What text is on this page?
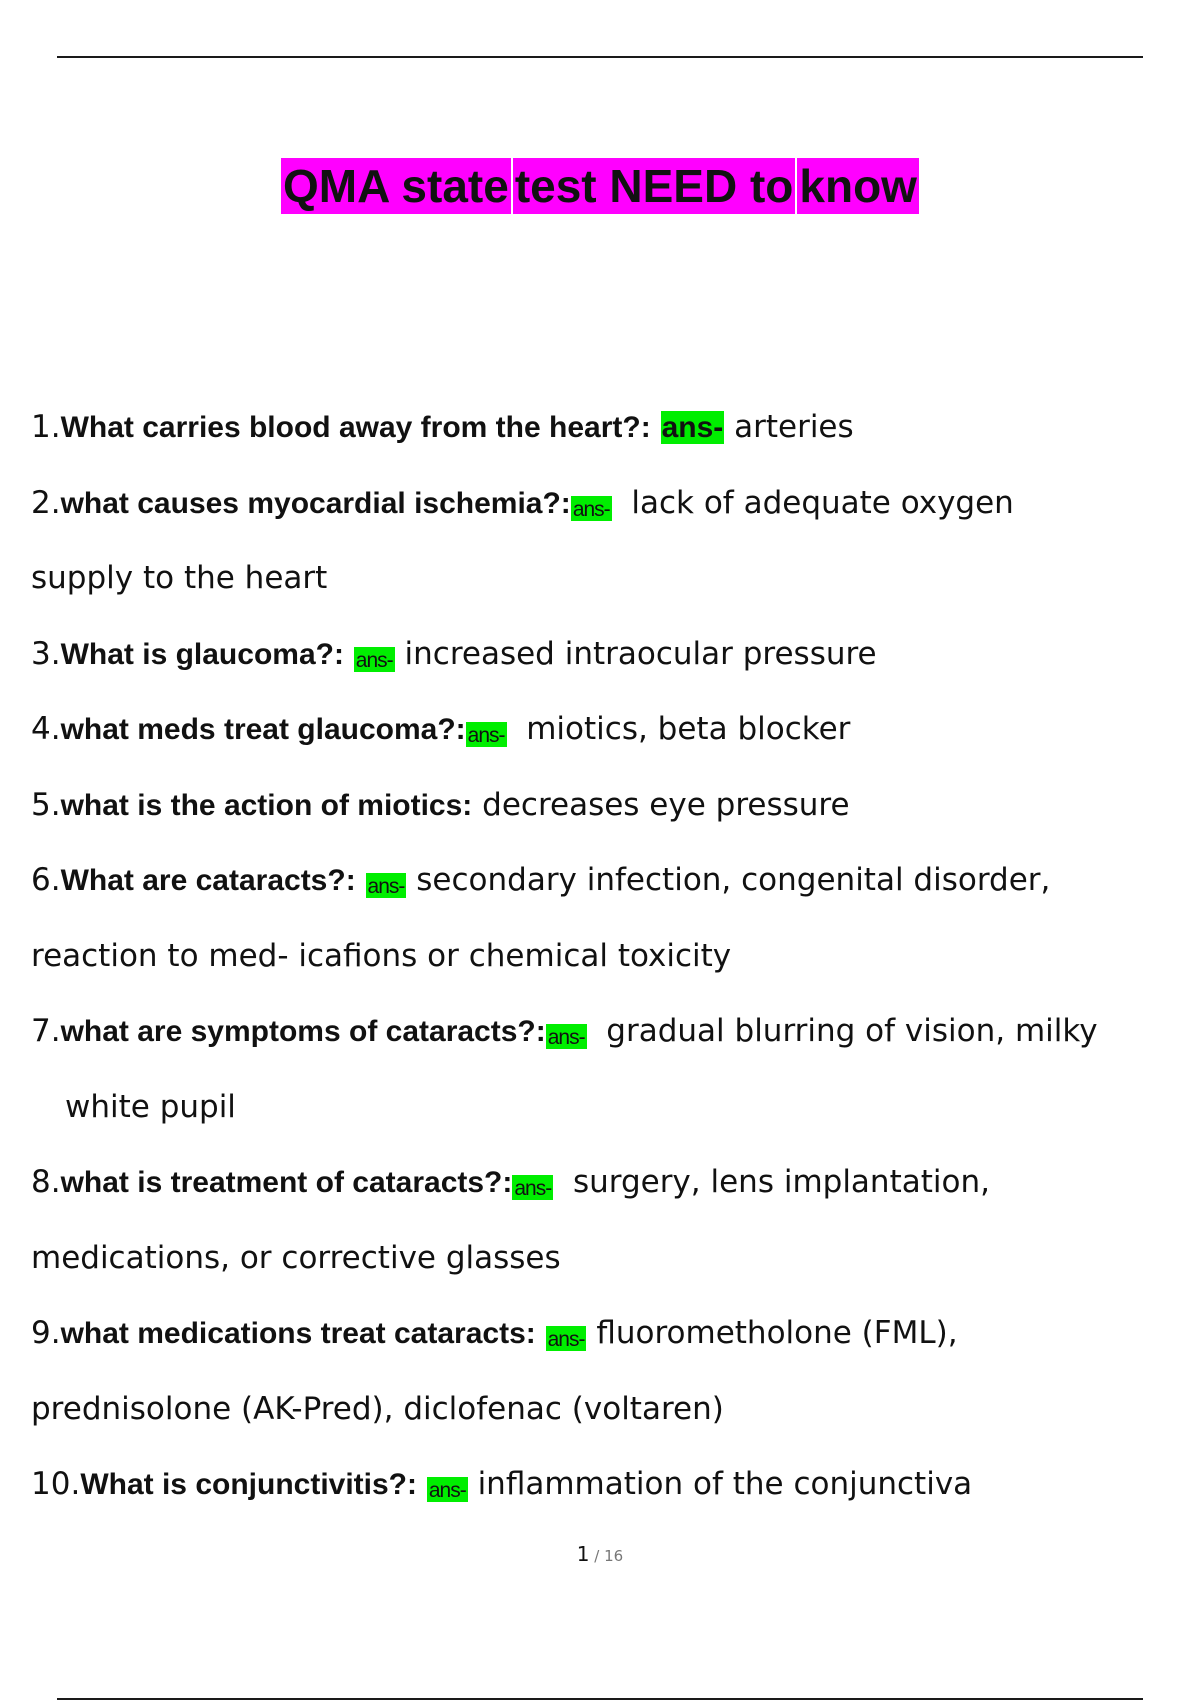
QMA state test NEED to know
1.What carries blood away from the heart?: ans- arteries
2.what causes myocardial ischemia?:ans-  lack of adequate oxygen
supply to the heart
3.What is glaucoma?: ans- increased intraocular pressure
4.what meds treat glaucoma?:ans-  miotics, beta blocker
5.what is the action of miotics: decreases eye pressure
6.What are cataracts?: ans- secondary infection, congenital disorder,
reaction to med- icafions or chemical toxicity
7.what are symptoms of cataracts?:ans-  gradual blurring of vision, milky
white pupil
8.what is treatment of cataracts?:ans-  surgery, lens implantation,
medications, or corrective glasses
9.what medications treat cataracts: ans- fluorometholone (FML),
prednisolone (AK-Pred), diclofenac (voltaren)
10.What is conjunctivitis?: ans- inflammation of the conjunctiva
1 / 16
